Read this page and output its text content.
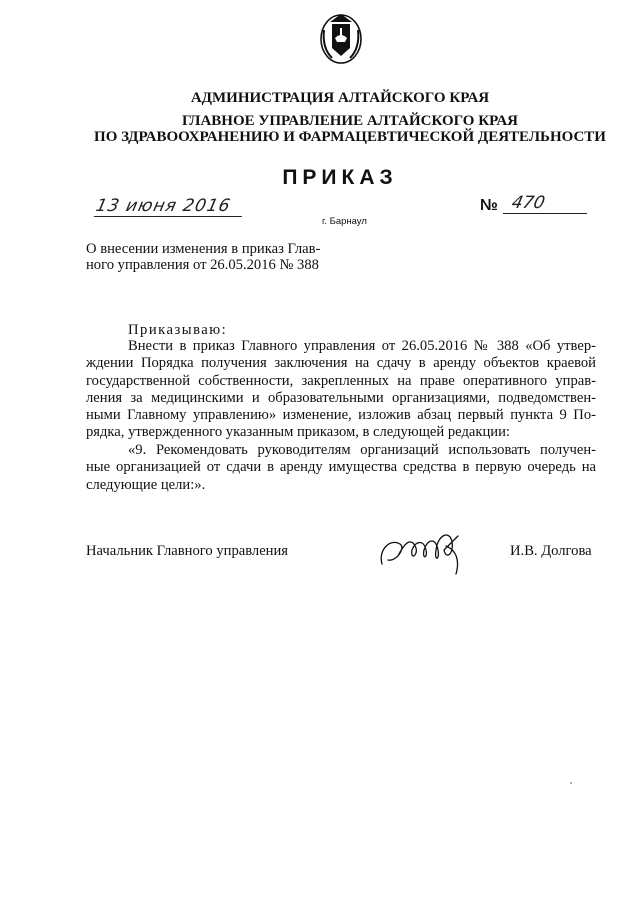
АДМИНИСТРАЦИЯ АЛТАЙСКОГО КРАЯ
ГЛАВНОЕ УПРАВЛЕНИЕ АЛТАЙСКОГО КРАЯ
ПО ЗДРАВООХРАНЕНИЮ И ФАРМАЦЕВТИЧЕСКОЙ ДЕЯТЕЛЬНОСТИ
ПРИКАЗ
13 июня 2016
г. Барнаул
№ 470
О внесении изменения в приказ Глав-
ного управления от 26.05.2016 № 388
Приказываю:
Внести в приказ Главного управления от 26.05.2016 № 388 «Об утвер-
ждении Порядка получения заключения на сдачу в аренду объектов краевой
государственной собственности, закрепленных на праве оперативного управ-
ления за медицинскими и образовательными организациями, подведомствен-
ными Главному управлению» изменение, изложив абзац первый пункта 9 По-
рядка, утвержденного указанным приказом, в следующей редакции:
«9. Рекомендовать руководителям организаций использовать получен-
ные организацией от сдачи в аренду имущества средства в первую очередь на
следующие цели:».
Начальник Главного управления	И.В. Долгова
